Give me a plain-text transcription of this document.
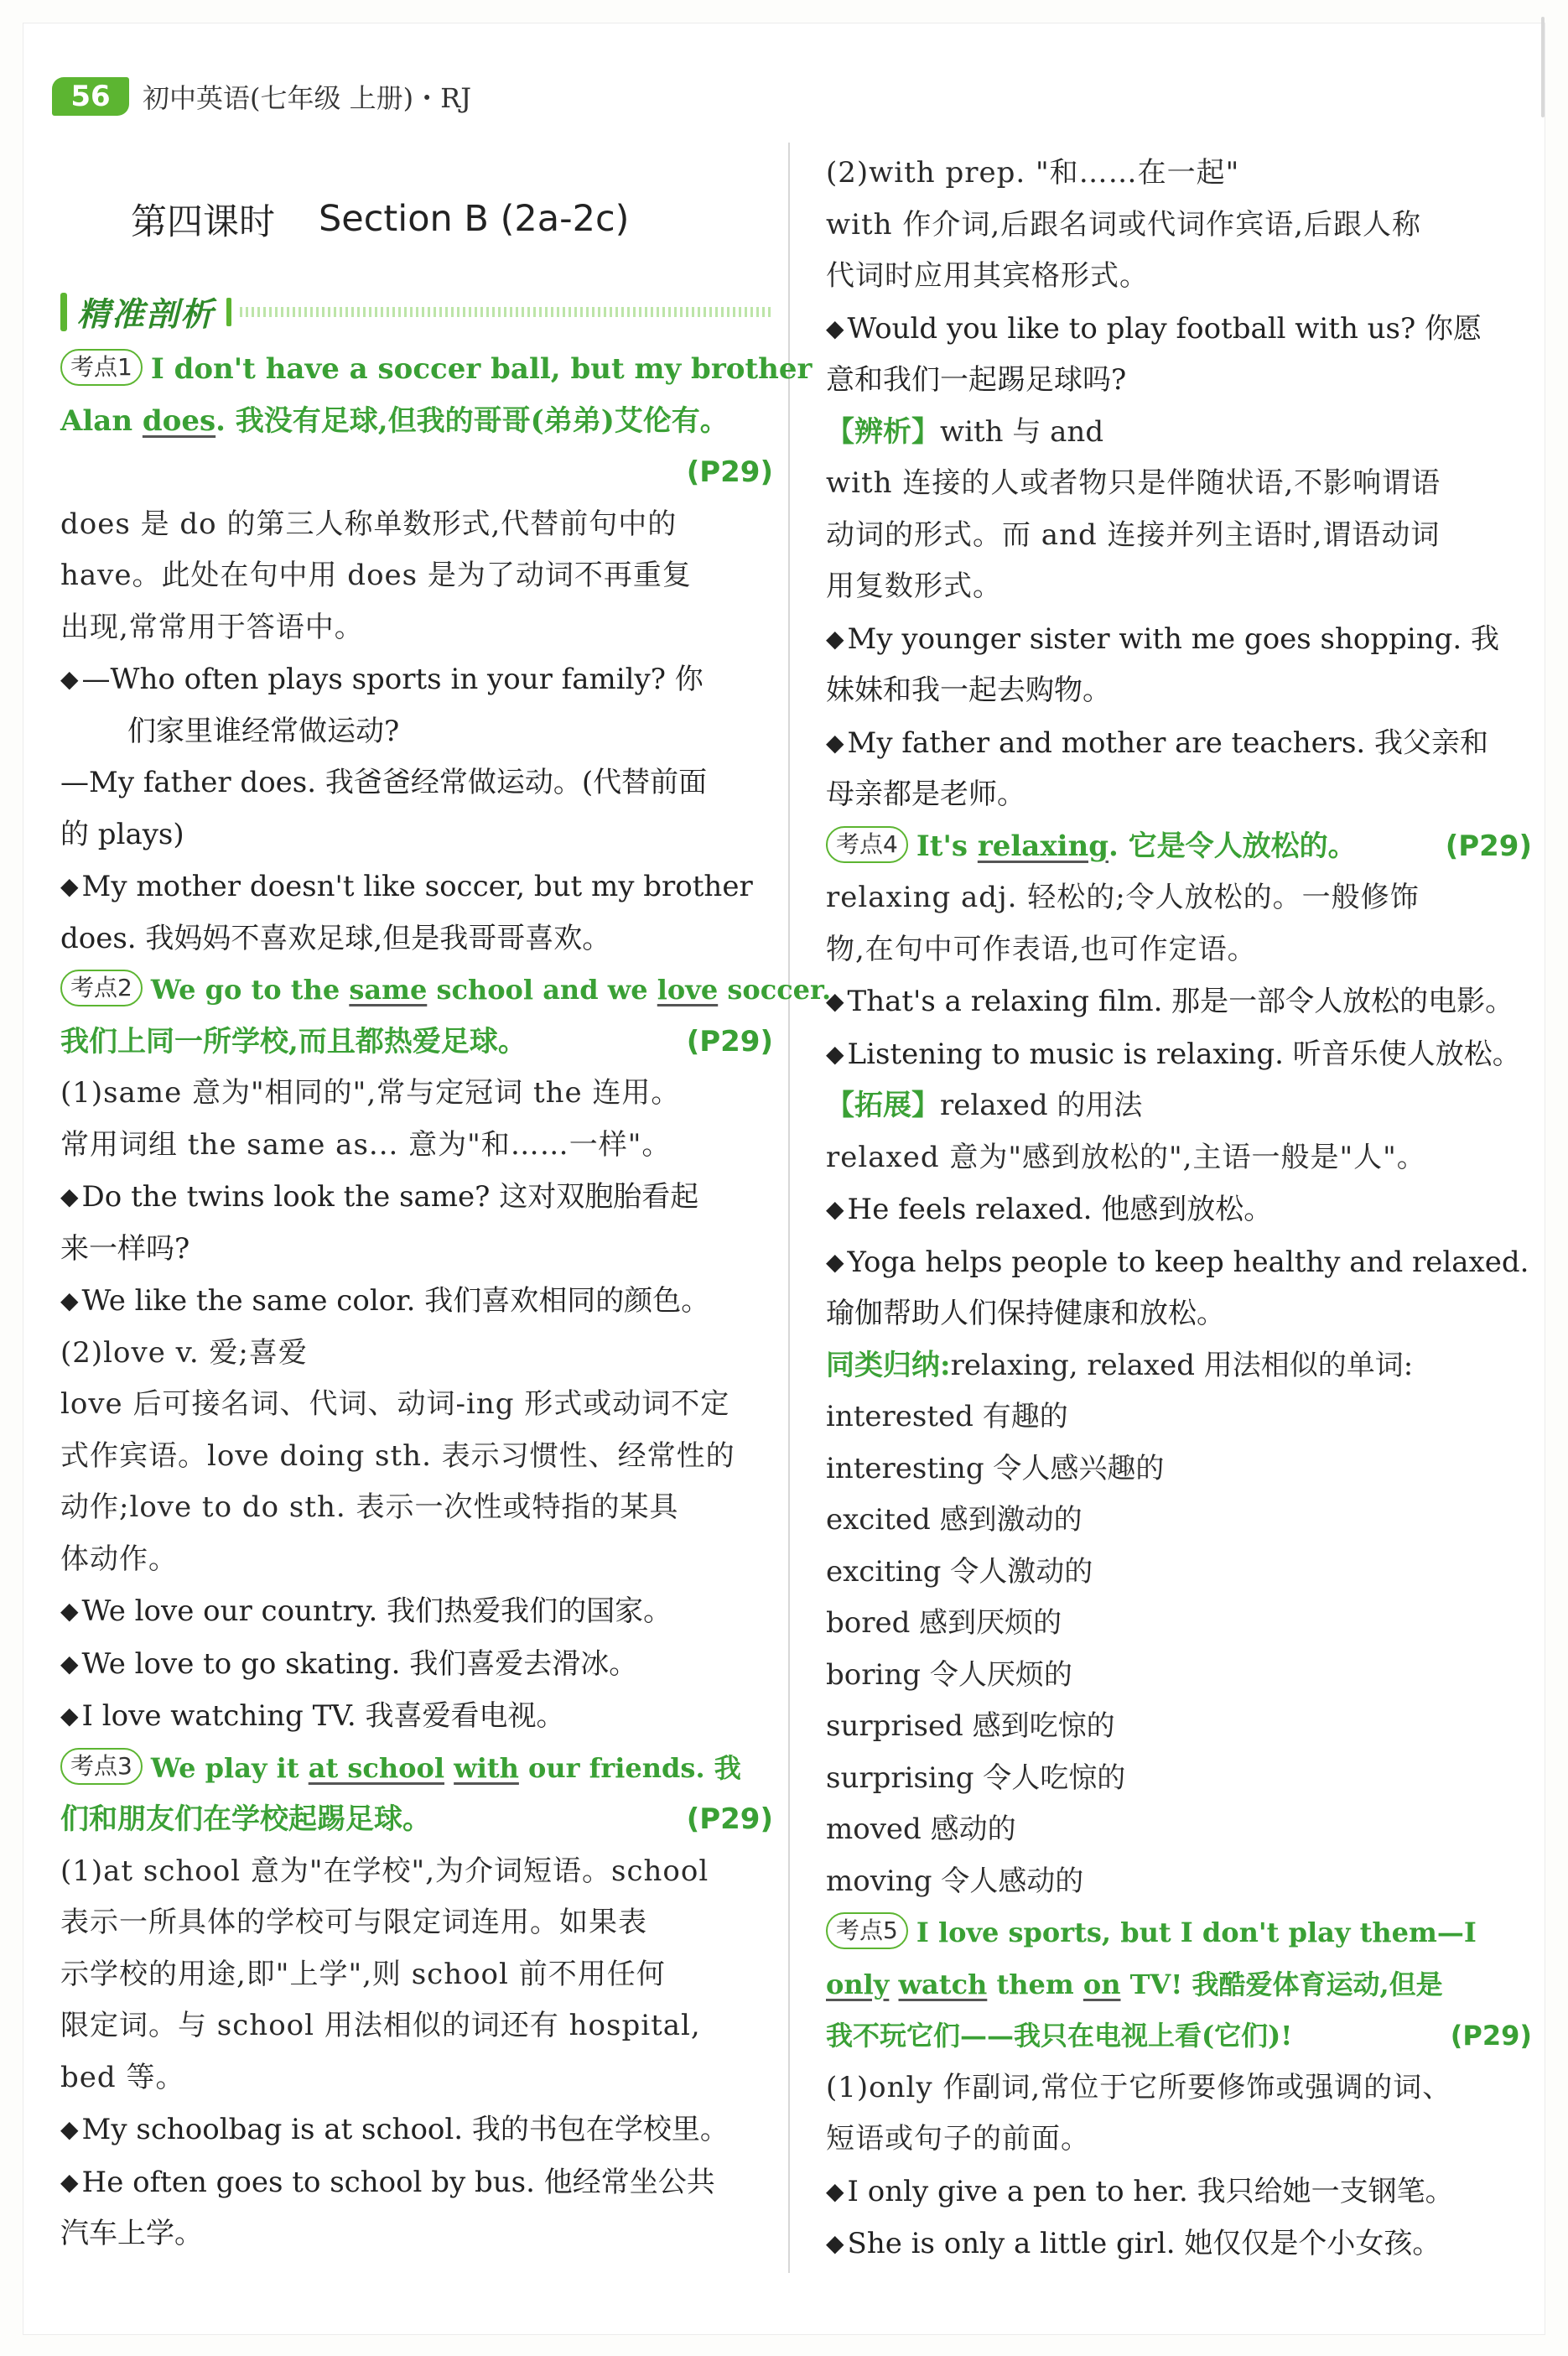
56	初中英语(七年级 上册)・RJ
第四课时 Section B (2a-2c)
精准剖析
考点1 I don't have a soccer ball, but my brother
Alan does. 我没有足球,但我的哥哥(弟弟)艾伦有。
(P29)
does 是 do 的第三人称单数形式,代替前句中的
have。此处在句中用 does 是为了动词不再重复
出现,常常用于答语中。
◆ —Who often plays sports in your family? 你
们家里谁经常做运动?
—My father does. 我爸爸经常做运动。(代替前面
的 plays)
◆ My mother doesn't like soccer, but my brother
does. 我妈妈不喜欢足球,但是我哥哥喜欢。
考点2 We go to the same school and we love soccer.
我们上同一所学校,而且都热爱足球。	(P29)
(1)same 意为"相同的",常与定冠词 the 连用。
常用词组 the same as... 意为"和……一样"。
◆ Do the twins look the same? 这对双胞胎看起
来一样吗?
◆ We like the same color. 我们喜欢相同的颜色。
(2)love v. 爱;喜爱
love 后可接名词、代词、动词-ing 形式或动词不定
式作宾语。love doing sth. 表示习惯性、经常性的
动作;love to do sth. 表示一次性或特指的某具
体动作。
◆ We love our country. 我们热爱我们的国家。
◆ We love to go skating. 我们喜爱去滑冰。
◆ I love watching TV. 我喜爱看电视。
考点3 We play it at school with our friends. 我
们和朋友们在学校起踢足球。	(P29)
(1)at school 意为"在学校",为介词短语。school
表示一所具体的学校可与限定词连用。如果表
示学校的用途,即"上学",则 school 前不用任何
限定词。与 school 用法相似的词还有 hospital,
bed 等。
◆ My schoolbag is at school. 我的书包在学校里。
◆ He often goes to school by bus. 他经常坐公共
汽车上学。
(2)with prep. "和……在一起"
with 作介词,后跟名词或代词作宾语,后跟人称
代词时应用其宾格形式。
◆ Would you like to play football with us? 你愿
意和我们一起踢足球吗?
【辨析】with 与 and
with 连接的人或者物只是伴随状语,不影响谓语
动词的形式。而 and 连接并列主语时,谓语动词
用复数形式。
◆ My younger sister with me goes shopping. 我
妹妹和我一起去购物。
◆ My father and mother are teachers. 我父亲和
母亲都是老师。
考点4 It's relaxing. 它是令人放松的。	(P29)
relaxing adj. 轻松的;令人放松的。一般修饰
物,在句中可作表语,也可作定语。
◆ That's a relaxing film. 那是一部令人放松的电影。
◆ Listening to music is relaxing. 听音乐使人放松。
【拓展】relaxed 的用法
relaxed 意为"感到放松的",主语一般是"人"。
◆ He feels relaxed. 他感到放松。
◆ Yoga helps people to keep healthy and relaxed.
瑜伽帮助人们保持健康和放松。
同类归纳:relaxing, relaxed 用法相似的单词:
interested 有趣的
interesting 令人感兴趣的
excited 感到激动的
exciting 令人激动的
bored 感到厌烦的
boring 令人厌烦的
surprised 感到吃惊的
surprising 令人吃惊的
moved 感动的
moving 令人感动的
考点5 I love sports, but I don't play them—I
only watch them on TV! 我酷爱体育运动,但是
我不玩它们——我只在电视上看(它们)!	(P29)
(1)only 作副词,常位于它所要修饰或强调的词、
短语或句子的前面。
◆ I only give a pen to her. 我只给她一支钢笔。
◆ She is only a little girl. 她仅仅是个小女孩。
